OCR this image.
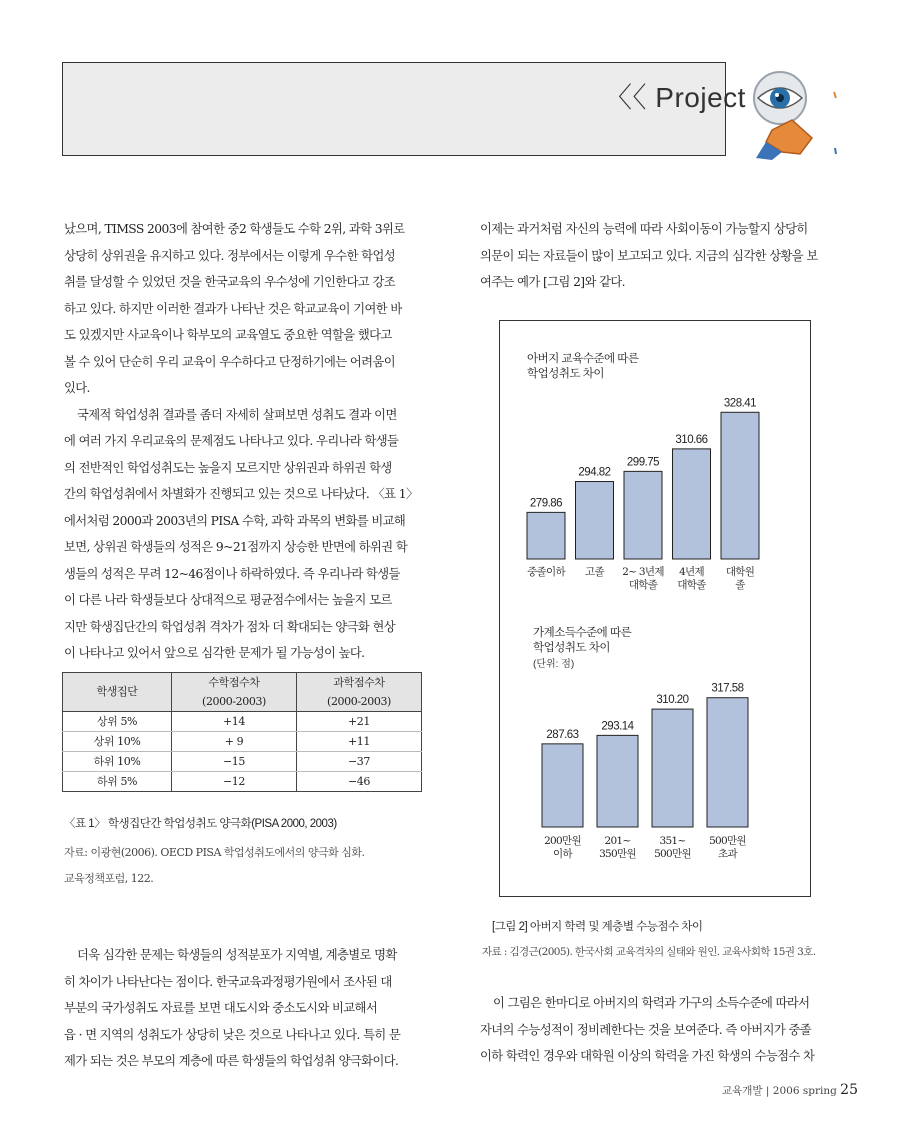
〈〈 Project

났으며, TIMSS 2003에 참여한 중2 학생들도 수학 2위, 과학 3위로

상당히 상위권을 유지하고 있다. 정부에서는 이렇게 우수한 학업성

취를 달성할 수 있었던 것을 한국교육의 우수성에 기인한다고 강조

하고 있다. 하지만 이러한 결과가 나타난 것은 학교교육이 기여한 바

도 있겠지만 사교육이나 학부모의 교육열도 중요한 역할을 했다고

볼 수 있어 단순히 우리 교육이 우수하다고 단정하기에는 어려움이

있다.

국제적 학업성취 결과를 좀더 자세히 살펴보면 성취도 결과 이면

에 여러 가지 우리교육의 문제점도 나타나고 있다. 우리나라 학생들

의 전반적인 학업성취도는 높을지 모르지만 상위권과 하위권 학생

간의 학업성취에서 차별화가 진행되고 있는 것으로 나타났다. 〈표 1〉

에서처럼 2000과 2003년의 PISA 수학, 과학 과목의 변화를 비교해

보면, 상위권 학생들의 성적은 9~21점까지 상승한 반면에 하위권 학

생들의 성적은 무려 12~46점이나 하락하였다. 즉 우리나라 학생들

이 다른 나라 학생들보다 상대적으로 평균점수에서는 높을지 모르

지만 학생집단간의 학업성취 격차가 점차 더 확대되는 양극화 현상

이 나타나고 있어서 앞으로 심각한 문제가 될 가능성이 높다.

학생집단	수학점수차	과학점수차
	(2000-2003)	(2000-2003)
상위 5%	+14	+21
상위 10%	+ 9	+11
하위 10%	−15	−37
하위 5%	−12	−46
〈표 1〉 학생집단간 학업성취도 양극화(PISA 2000, 2003)
자료: 이광현(2006). OECD PISA 학업성취도에서의 양극화 심화.
교육정책포럼, 122.

더욱 심각한 문제는 학생들의 성적분포가 지역별, 계층별로 명확

히 차이가 나타난다는 점이다. 한국교육과정평가원에서 조사된 대

부분의 국가성취도 자료를 보면 대도시와 중소도시와 비교해서

읍 · 면 지역의 성취도가 상당히 낮은 것으로 나타나고 있다. 특히 문

제가 되는 것은 부모의 계층에 따른 학생들의 학업성취 양극화이다.

이제는 과거처럼 자신의 능력에 따라 사회이동이 가능할지 상당히

의문이 되는 자료들이 많이 보고되고 있다. 지금의 심각한 상황을 보

여주는 예가 [그림 2]와 같다.

아버지 교육수준에 따른
학업성취도 차이
279.86
중졸이하
294.82
고졸
299.75
2~ 3년제
대학졸
310.66
4년제
대학졸
328.41
대학원
졸
가계소득수준에 따른
학업성취도 차이
(단위: 점)
287.63
200만원
이하
293.14
201~
350만원
310.20
351~
500만원
317.58
500만원
초과
[그림 2] 아버지 학력 및 계층별 수능점수 차이
자료 : 김경근(2005). 한국사회 교육격차의 실태와 원인. 교육사회학 15권 3호.

이 그림은 한마디로 아버지의 학력과 가구의 소득수준에 따라서

자녀의 수능성적이 정비례한다는 것을 보여준다. 즉 아버지가 중졸

이하 학력인 경우와 대학원 이상의 학력을 가진 학생의 수능점수 차

교육개발 | 2006 spring 25
